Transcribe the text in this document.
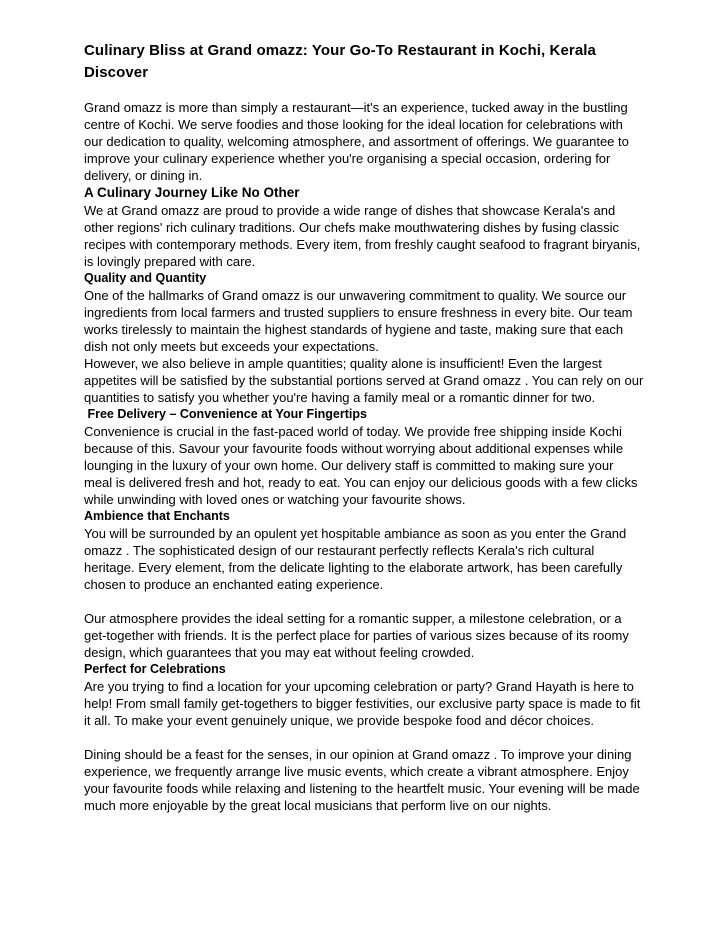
Culinary Bliss at Grand omazz: Your Go-To Restaurant in Kochi, Kerala
Discover

Grand omazz is more than simply a restaurant—it's an experience, tucked away in the bustling centre of Kochi. We serve foodies and those looking for the ideal location for celebrations with our dedication to quality, welcoming atmosphere, and assortment of offerings. We guarantee to improve your culinary experience whether you're organising a special occasion, ordering for delivery, or dining in.

A Culinary Journey Like No Other

We at Grand omazz are proud to provide a wide range of dishes that showcase Kerala's and other regions' rich culinary traditions. Our chefs make mouthwatering dishes by fusing classic recipes with contemporary methods. Every item, from freshly caught seafood to fragrant biryanis, is lovingly prepared with care.

Quality and Quantity

One of the hallmarks of Grand omazz is our unwavering commitment to quality. We source our ingredients from local farmers and trusted suppliers to ensure freshness in every bite. Our team works tirelessly to maintain the highest standards of hygiene and taste, making sure that each dish not only meets but exceeds your expectations.

However, we also believe in ample quantities; quality alone is insufficient! Even the largest appetites will be satisfied by the substantial portions served at Grand omazz . You can rely on our quantities to satisfy you whether you're having a family meal or a romantic dinner for two.

Free Delivery – Convenience at Your Fingertips

Convenience is crucial in the fast-paced world of today. We provide free shipping inside Kochi because of this. Savour your favourite foods without worrying about additional expenses while lounging in the luxury of your own home. Our delivery staff is committed to making sure your meal is delivered fresh and hot, ready to eat. You can enjoy our delicious goods with a few clicks while unwinding with loved ones or watching your favourite shows.

Ambience that Enchants

You will be surrounded by an opulent yet hospitable ambiance as soon as you enter the Grand omazz . The sophisticated design of our restaurant perfectly reflects Kerala's rich cultural heritage. Every element, from the delicate lighting to the elaborate artwork, has been carefully chosen to produce an enchanted eating experience.

Our atmosphere provides the ideal setting for a romantic supper, a milestone celebration, or a get-together with friends. It is the perfect place for parties of various sizes because of its roomy design, which guarantees that you may eat without feeling crowded.

Perfect for Celebrations

Are you trying to find a location for your upcoming celebration or party? Grand Hayath is here to help! From small family get-togethers to bigger festivities, our exclusive party space is made to fit it all. To make your event genuinely unique, we provide bespoke food and décor choices.

Dining should be a feast for the senses, in our opinion at Grand omazz . To improve your dining experience, we frequently arrange live music events, which create a vibrant atmosphere. Enjoy your favourite foods while relaxing and listening to the heartfelt music. Your evening will be made much more enjoyable by the great local musicians that perform live on our nights.
